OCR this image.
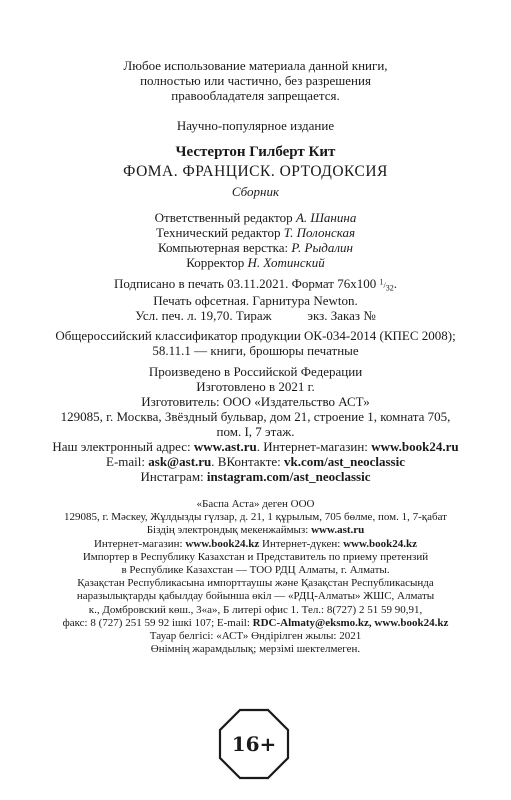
Любое использование материала данной книги,
полностью или частично, без разрешения
правообладателя запрещается.
Научно-популярное издание
Честертон Гилберт Кит
ФОМА. ФРАНЦИСК. ОРТОДОКСИЯ
Сборник
Ответственный редактор А. Шанина
Технический редактор Т. Полонская
Компьютерная верстка: Р. Рыдалин
Корректор Н. Хотинский
Подписано в печать 03.11.2021. Формат 76x100 $^1/_{32}$.
Печать офсетная. Гарнитура Newton.
Усл. печ. л. 19,70. Тираж           экз. Заказ №
Общероссийский классификатор продукции ОК-034-2014 (КПЕС 2008);
58.11.1 — книги, брошюры печатные
Произведено в Российской Федерации
Изготовлено в 2021 г.
Изготовитель: ООО «Издательство АСТ»
129085, г. Москва, Звёздный бульвар, дом 21, строение 1, комната 705,
пом. I, 7 этаж.
Наш электронный адрес: www.ast.ru. Интернет-магазин: www.book24.ru
E-mail: ask@ast.ru. ВКонтакте: vk.com/ast_neoclassic
Инстаграм: instagram.com/ast_neoclassic
«Баспа Аста» деген ООО
129085, г. Мәскеу, Жұлдызды гүлзар, д. 21, 1 құрылым, 705 бөлме, пом. 1, 7-қабат
Біздің электрондық мекенжаймыз: www.ast.ru
Интернет-магазин: www.book24.kz Интернет-дүкен: www.book24.kz
Импортер в Республику Казахстан и Представитель по приему претензий
в Республике Казахстан — ТОО РДЦ Алматы, г. Алматы.
Қазақстан Республикасына импорттаушы және Қазақстан Республикасында
наразылықтарды қабылдау бойынша өкіл — «РДЦ-Алматы» ЖШС, Алматы
к., Домбровский көш., 3«а», Б литері офис 1. Тел.: 8(727) 2 51 59 90,91,
факс: 8 (727) 251 59 92 ішкі 107; E-mail: RDC-Almaty@eksmo.kz, www.book24.kz
Тауар белгісі: «АСТ» Өндірілген жылы: 2021
Өнімнің жарамдылық; мерзімі шектелмеген.
16+
